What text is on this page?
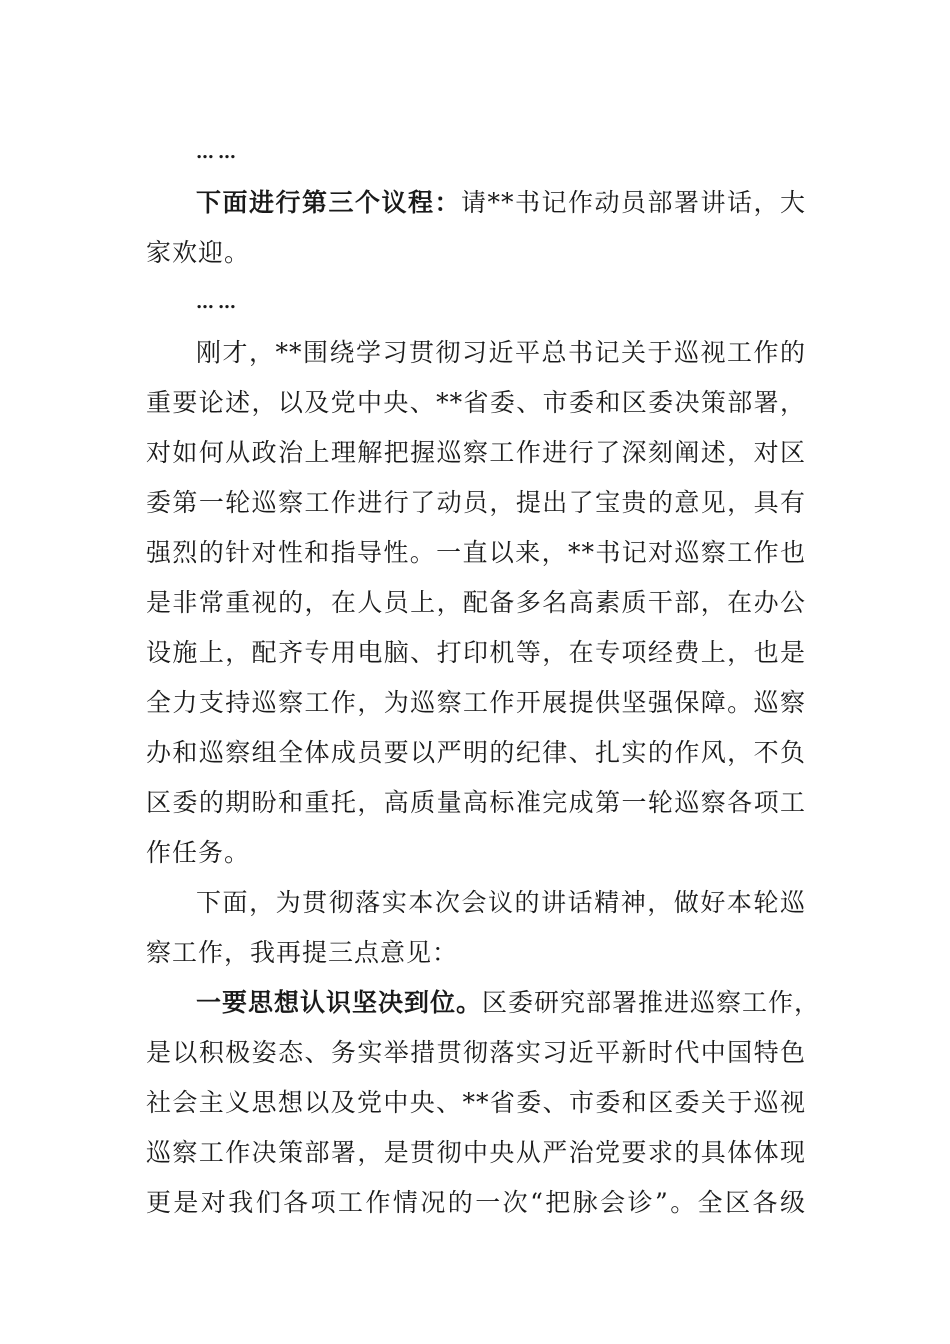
……
下面进行第三个议程：请**书记作动员部署讲话，大
家欢迎。
……
刚才，**围绕学习贯彻习近平总书记关于巡视工作的
重要论述，以及党中央、**省委、市委和区委决策部署，
对如何从政治上理解把握巡察工作进行了深刻阐述，对区
委第一轮巡察工作进行了动员，提出了宝贵的意见，具有
强烈的针对性和指导性。一直以来，**书记对巡察工作也
是非常重视的，在人员上，配备多名高素质干部，在办公
设施上，配齐专用电脑、打印机等，在专项经费上，也是
全力支持巡察工作，为巡察工作开展提供坚强保障。巡察
办和巡察组全体成员要以严明的纪律、扎实的作风，不负
区委的期盼和重托，高质量高标准完成第一轮巡察各项工
作任务。
下面，为贯彻落实本次会议的讲话精神，做好本轮巡
察工作，我再提三点意见：
一要思想认识坚决到位。区委研究部署推进巡察工作，
是以积极姿态、务实举措贯彻落实习近平新时代中国特色
社会主义思想以及党中央、**省委、市委和区委关于巡视
巡察工作决策部署，是贯彻中央从严治党要求的具体体现
更是对我们各项工作情况的一次“把脉会诊”。全区各级
